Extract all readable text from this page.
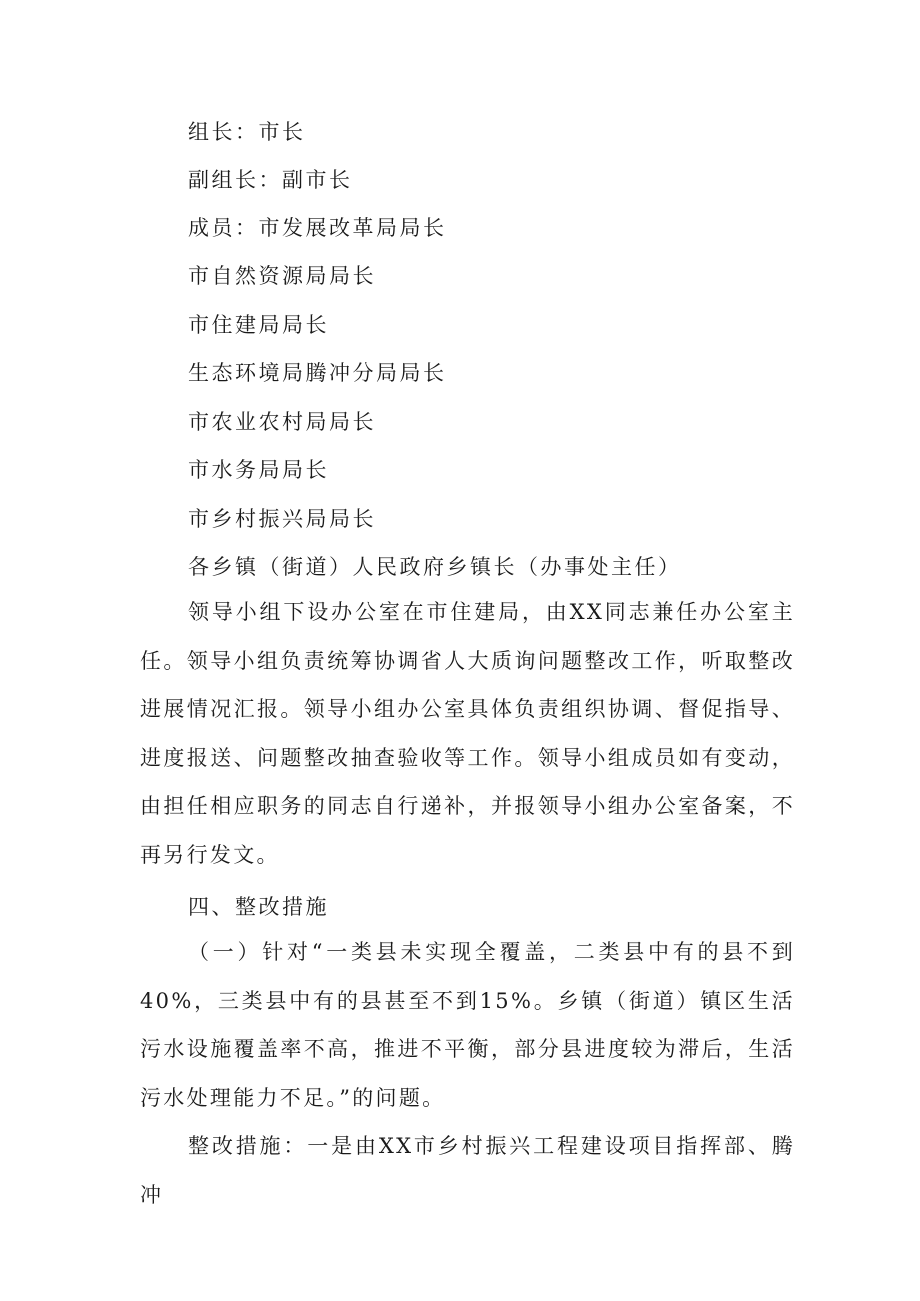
组长：市长
副组长：副市长
成员：市发展改革局局长
市自然资源局局长
市住建局局长
生态环境局腾冲分局局长
市农业农村局局长
市水务局局长
市乡村振兴局局长
各乡镇（街道）人民政府乡镇长（办事处主任）
领导小组下设办公室在市住建局，由XX同志兼任办公室主任。领导小组负责统筹协调省人大质询问题整改工作，听取整改进展情况汇报。领导小组办公室具体负责组织协调、督促指导、进度报送、问题整改抽查验收等工作。领导小组成员如有变动，由担任相应职务的同志自行递补，并报领导小组办公室备案，不再另行发文。
四、整改措施
（一）针对“一类县未实现全覆盖，二类县中有的县不到40%，三类县中有的县甚至不到15%。乡镇（街道）镇区生活污水设施覆盖率不高，推进不平衡，部分县进度较为滞后，生活污水处理能力不足。”的问题。
整改措施：一是由XX市乡村振兴工程建设项目指挥部、腾冲
